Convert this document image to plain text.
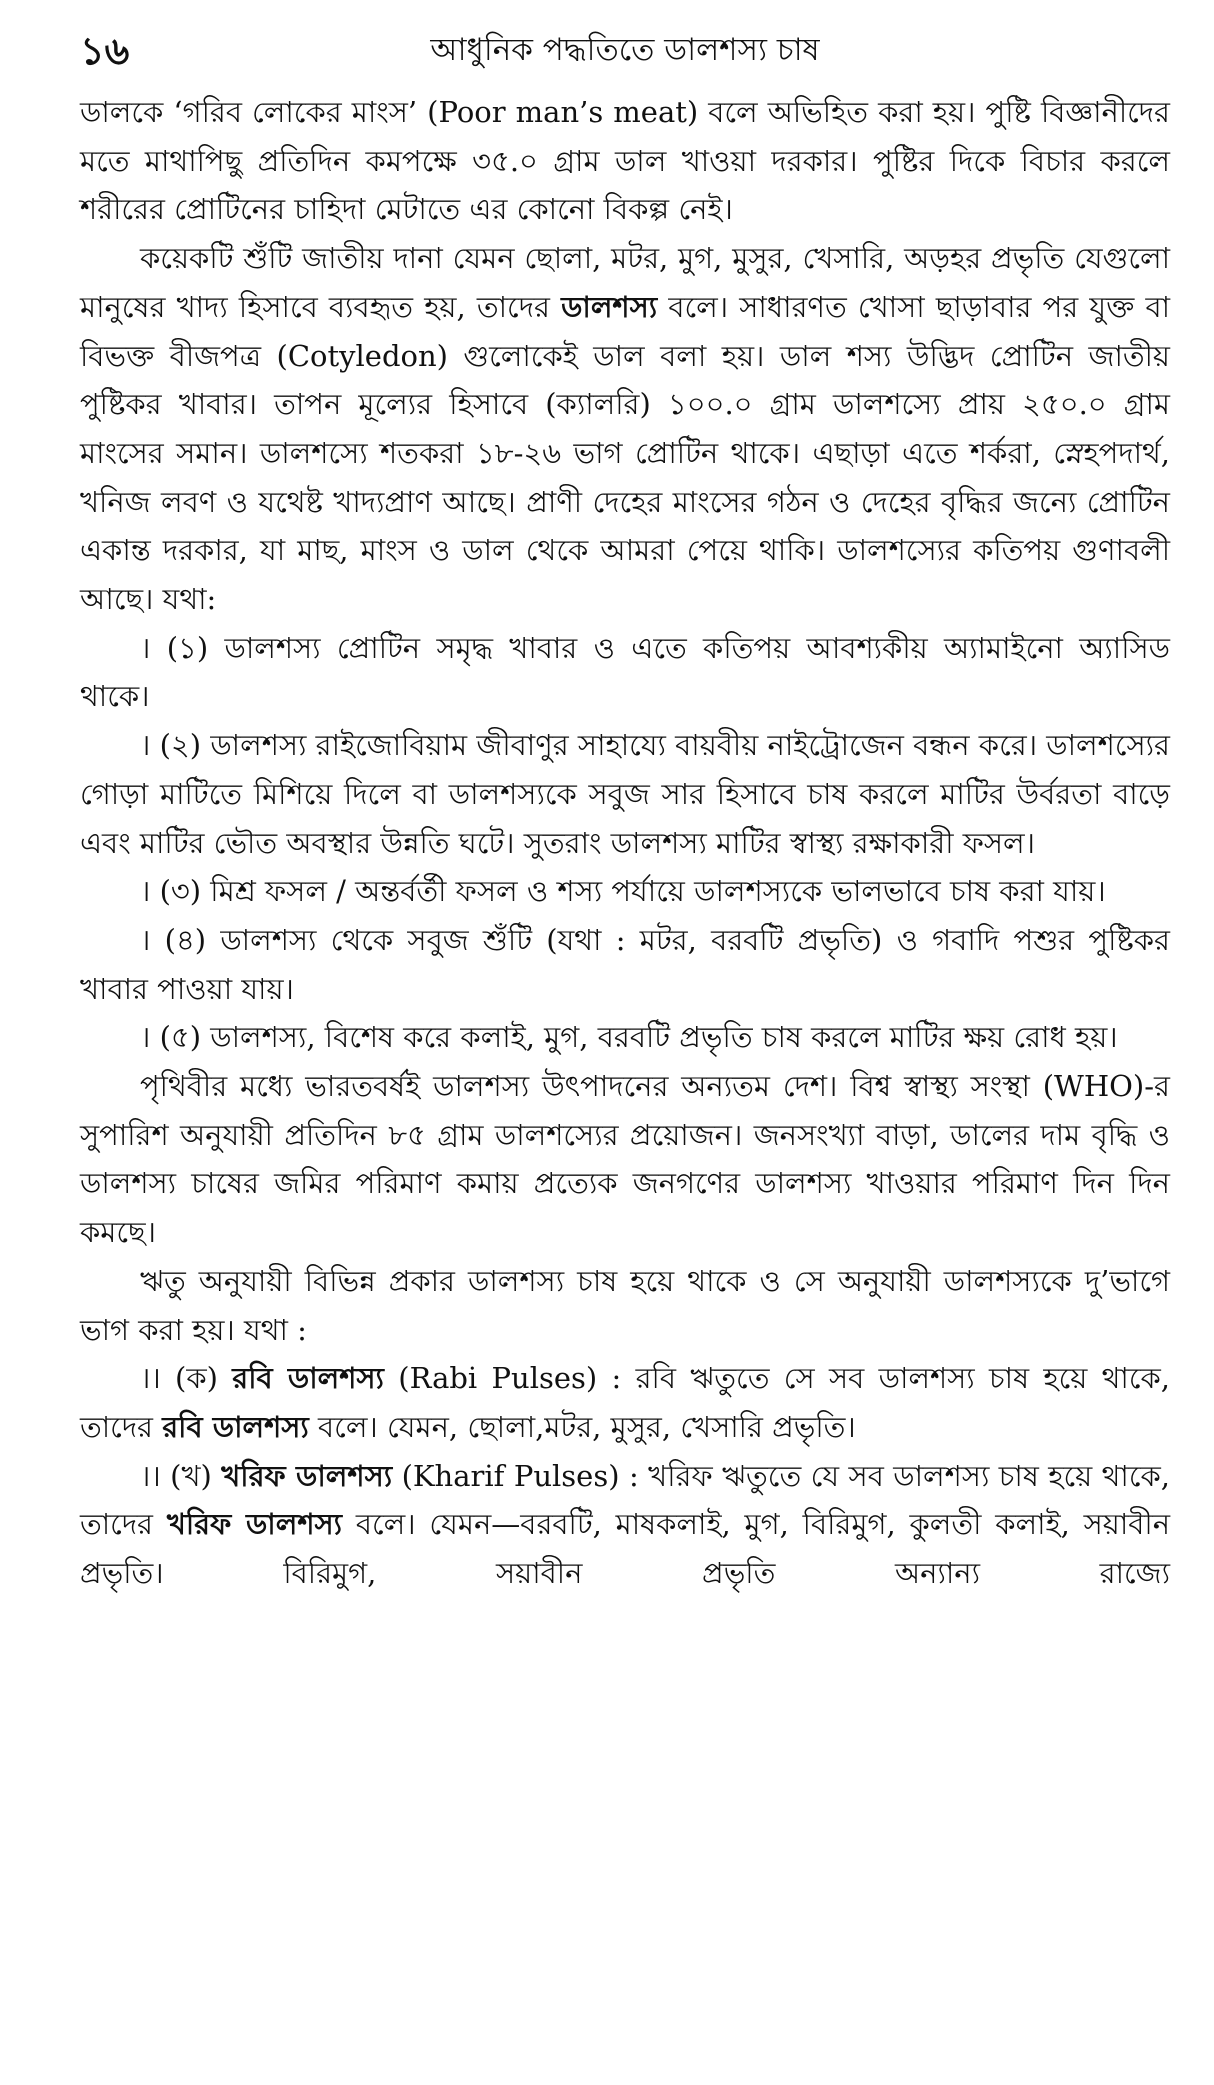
১৬	আধুনিক পদ্ধতিতে ডালশস্য চাষ

ডালকে ‘গরিব লোকের মাংস’ (Poor man’s meat) বলে অভিহিত করা হয়। পুষ্টি বিজ্ঞানীদের মতে মাথাপিছু প্রতিদিন কমপক্ষে ৩৫.০ গ্রাম ডাল খাওয়া দরকার। পুষ্টির দিকে বিচার করলে শরীরের প্রোটিনের চাহিদা মেটাতে এর কোনো বিকল্প নেই।

কয়েকটি শুঁটি জাতীয় দানা যেমন ছোলা, মটর, মুগ, মুসুর, খেসারি, অড়হর প্রভৃতি যেগুলো মানুষের খাদ্য হিসাবে ব্যবহৃত হয়, তাদের ডালশস্য বলে। সাধারণত খোসা ছাড়াবার পর যুক্ত বা বিভক্ত বীজপত্র (Cotyledon) গুলোকেই ডাল বলা হয়। ডাল শস্য উদ্ভিদ প্রোটিন জাতীয় পুষ্টিকর খাবার। তাপন মূল্যের হিসাবে (ক্যালরি) ১০০.০ গ্রাম ডালশস্যে প্রায় ২৫০.০ গ্রাম মাংসের সমান। ডালশস্যে শতকরা ১৮-২৬ ভাগ প্রোটিন থাকে। এছাড়া এতে শর্করা, স্নেহপদার্থ, খনিজ লবণ ও যথেষ্ট খাদ্যপ্রাণ আছে। প্রাণী দেহের মাংসের গঠন ও দেহের বৃদ্ধির জন্যে প্রোটিন একান্ত দরকার, যা মাছ, মাংস ও ডাল থেকে আমরা পেয়ে থাকি। ডালশস্যের কতিপয় গুণাবলী আছে। যথা:

। (১) ডালশস্য প্রোটিন সমৃদ্ধ খাবার ও এতে কতিপয় আবশ্যকীয় অ্যামাইনো অ্যাসিড থাকে।

। (২) ডালশস্য রাইজোবিয়াম জীবাণুর সাহায্যে বায়বীয় নাইট্রোজেন বন্ধন করে। ডালশস্যের গোড়া মাটিতে মিশিয়ে দিলে বা ডালশস্যকে সবুজ সার হিসাবে চাষ করলে মাটির উর্বরতা বাড়ে এবং মাটির ভৌত অবস্থার উন্নতি ঘটে। সুতরাং ডালশস্য মাটির স্বাস্থ্য রক্ষাকারী ফসল।

। (৩) মিশ্র ফসল / অন্তর্বর্তী ফসল ও শস্য পর্যায়ে ডালশস্যকে ভালভাবে চাষ করা যায়।

। (৪) ডালশস্য থেকে সবুজ শুঁটি (যথা : মটর, বরবটি প্রভৃতি) ও গবাদি পশুর পুষ্টিকর খাবার পাওয়া যায়।

। (৫) ডালশস্য, বিশেষ করে কলাই, মুগ, বরবটি প্রভৃতি চাষ করলে মাটির ক্ষয় রোধ হয়।

পৃথিবীর মধ্যে ভারতবর্ষই ডালশস্য উৎপাদনের অন্যতম দেশ। বিশ্ব স্বাস্থ্য সংস্থা (WHO)-র সুপারিশ অনুযায়ী প্রতিদিন ৮৫ গ্রাম ডালশস্যের প্রয়োজন। জনসংখ্যা বাড়া, ডালের দাম বৃদ্ধি ও ডালশস্য চাষের জমির পরিমাণ কমায় প্রত্যেক জনগণের ডালশস্য খাওয়ার পরিমাণ দিন দিন কমছে।

ঋতু অনুযায়ী বিভিন্ন প্রকার ডালশস্য চাষ হয়ে থাকে ও সে অনুযায়ী ডালশস্যকে দু’ভাগে ভাগ করা হয়। যথা :

।। (ক) রবি ডালশস্য (Rabi Pulses) : রবি ঋতুতে সে সব ডালশস্য চাষ হয়ে থাকে, তাদের রবি ডালশস্য বলে। যেমন, ছোলা,মটর, মুসুর, খেসারি প্রভৃতি।

।। (খ) খরিফ ডালশস্য (Kharif Pulses) : খরিফ ঋতুতে যে সব ডালশস্য চাষ হয়ে থাকে, তাদের খরিফ ডালশস্য বলে। যেমন—বরবটি, মাষকলাই, মুগ, বিরিমুগ, কুলতী কলাই, সয়াবীন প্রভৃতি। বিরিমুগ, সয়াবীন প্রভৃতি অন্যান্য রাজ্যে
